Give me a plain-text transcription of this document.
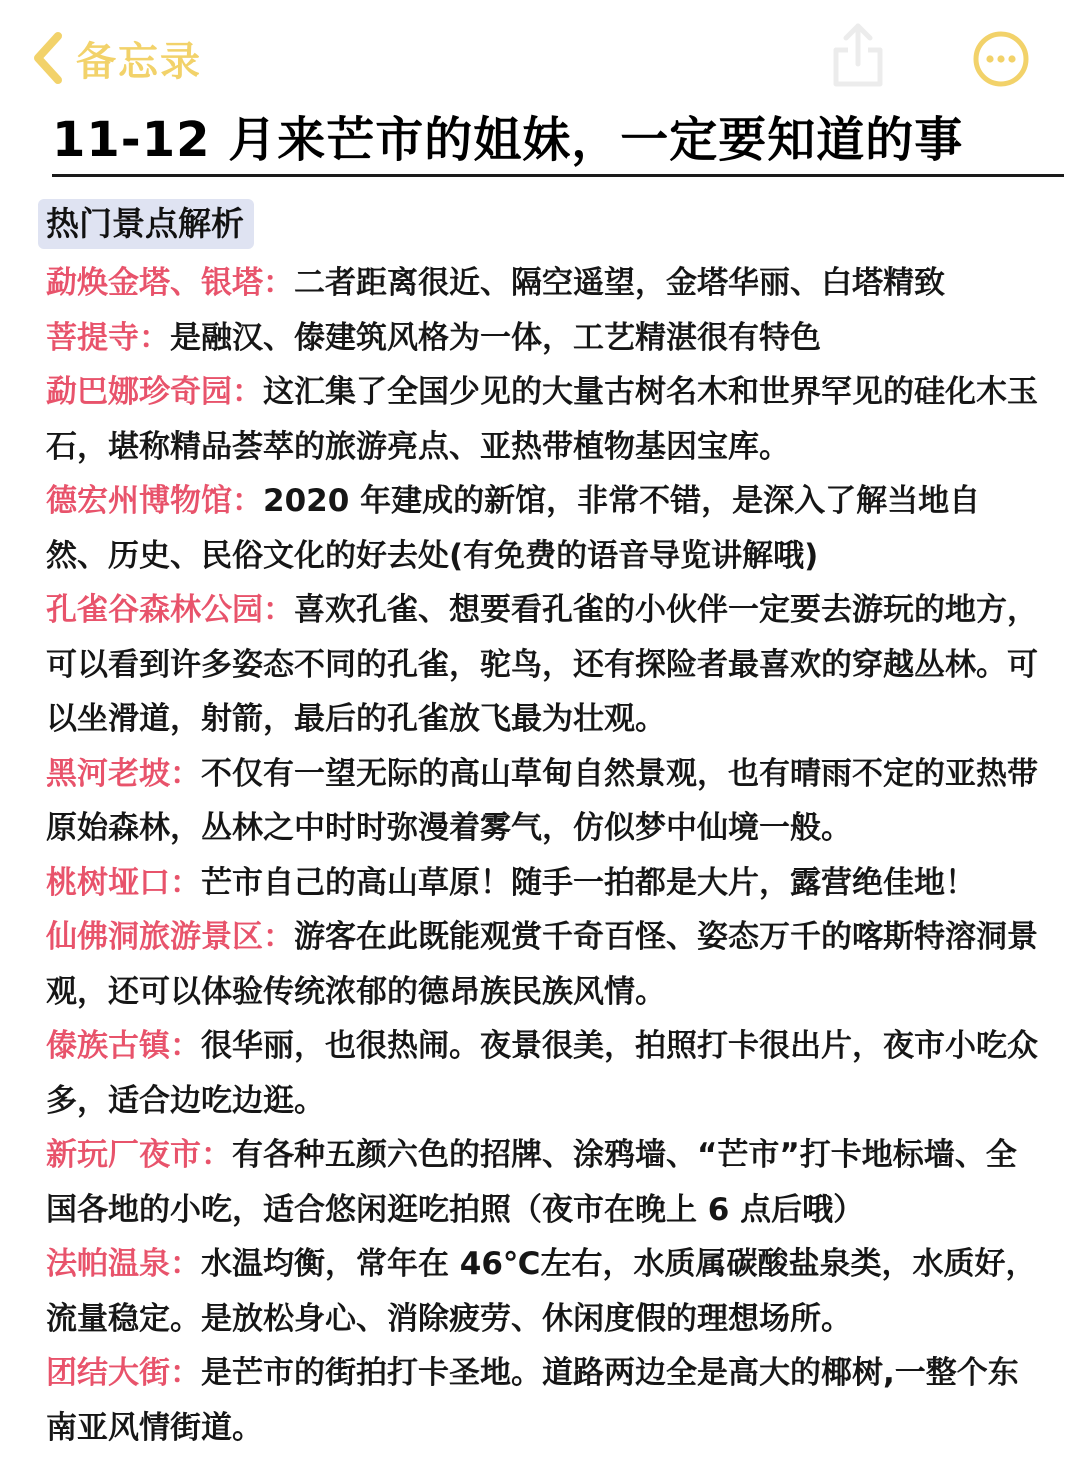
备忘录
11-12 月来芒市的姐妹，一定要知道的事
热门景点解析
勐焕金塔、银塔：二者距离很近、隔空遥望，金塔华丽、白塔精致
菩提寺：是融汉、傣建筑风格为一体，工艺精湛很有特色
勐巴娜珍奇园：这汇集了全国少见的大量古树名木和世界罕见的硅化木玉石，堪称精品荟萃的旅游亮点、亚热带植物基因宝库。
德宏州博物馆：2020 年建成的新馆，非常不错，是深入了解当地自然、历史、民俗文化的好去处(有免费的语音导览讲解哦)
孔雀谷森林公园：喜欢孔雀、想要看孔雀的小伙伴一定要去游玩的地方，可以看到许多姿态不同的孔雀，驼鸟，还有探险者最喜欢的穿越丛林。可以坐滑道，射箭，最后的孔雀放飞最为壮观。
黑河老坡：不仅有一望无际的高山草甸自然景观，也有晴雨不定的亚热带原始森林，丛林之中时时弥漫着雾气，仿似梦中仙境一般。
桃树垭口：芒市自己的高山草原！随手一拍都是大片，露营绝佳地！
仙佛洞旅游景区：游客在此既能观赏千奇百怪、姿态万千的喀斯特溶洞景观，还可以体验传统浓郁的德昂族民族风情。
傣族古镇：很华丽，也很热闹。夜景很美，拍照打卡很出片，夜市小吃众多，适合边吃边逛。
新玩厂夜市：有各种五颜六色的招牌、涂鸦墙、“芒市”打卡地标墙、全国各地的小吃，适合悠闲逛吃拍照（夜市在晚上 6 点后哦）
法帕温泉：水温均衡，常年在 46℃左右，水质属碳酸盐泉类，水质好，流量稳定。是放松身心、消除疲劳、休闲度假的理想场所。
团结大街：是芒市的街拍打卡圣地。道路两边全是高大的椰树,一整个东南亚风情街道。
